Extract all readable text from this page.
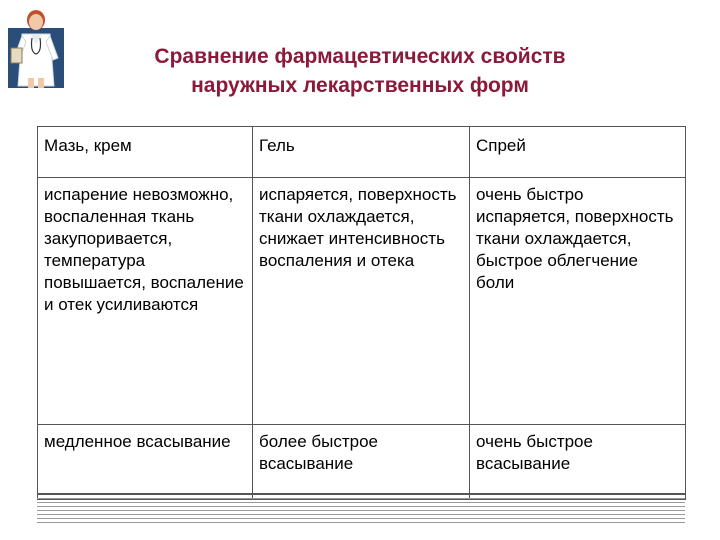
Сравнение фармацевтических свойств
наружных лекарственных форм
Мазь, крем	Гель	Спрей
испарение невозможно, воспаленная ткань закупоривается, температура повышается, воспаление и отек усиливаются	испаряется, поверхность ткани охлаждается, снижает интенсивность воспаления и отека	очень быстро испаряется, поверхность ткани охлаждается, быстрое облегчение боли
медленное всасывание	более быстрое всасывание	очень быстрое всасывание
